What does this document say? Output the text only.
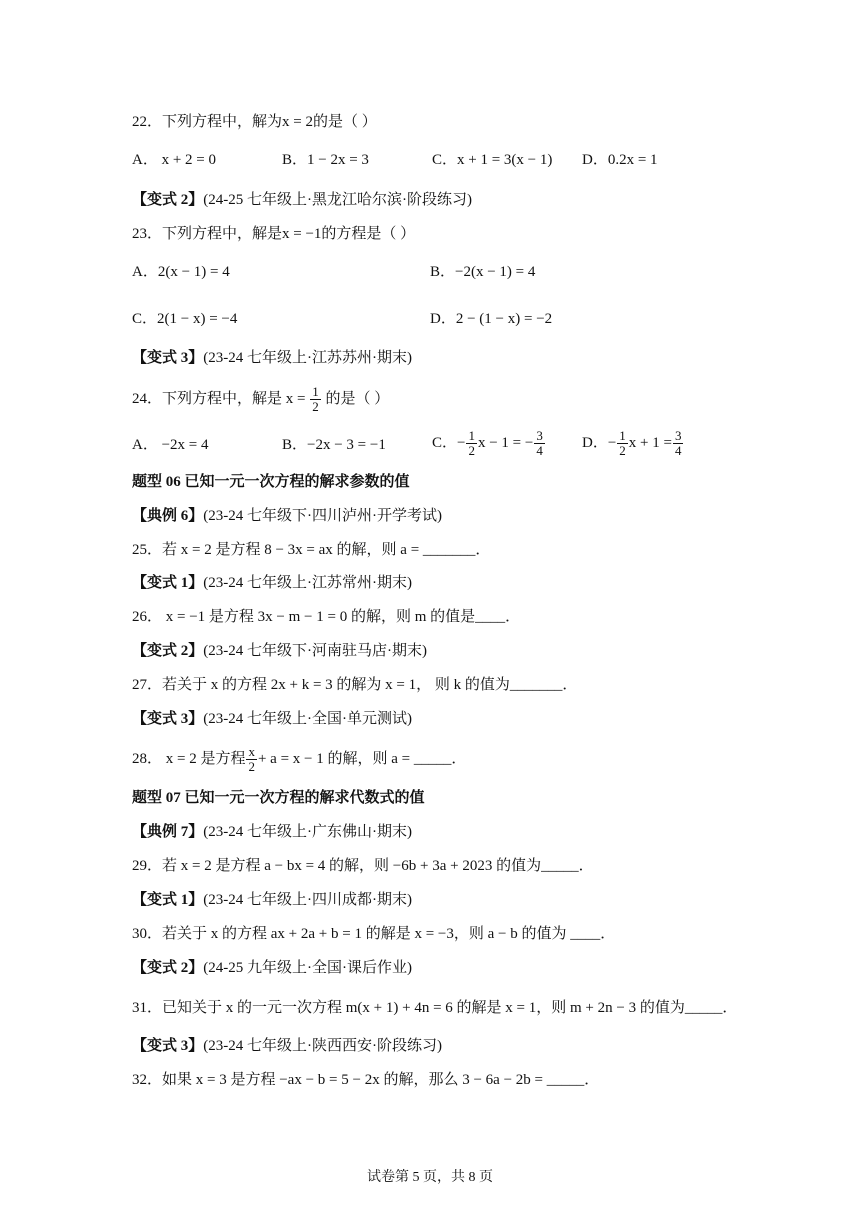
22．下列方程中，解为x = 2的是（ ）
A． x + 2 = 0	B．1 − 2x = 3	C．x + 1 = 3(x − 1) D．0.2x = 1
【变式 2】(24-25 七年级上·黑龙江哈尔滨·阶段练习)
23．下列方程中，解是x = −1的方程是（ ）
A．2(x − 1) = 4	B．−2(x − 1) = 4
C．2(1 − x) = −4	D．2 − (1 − x) = −2
【变式 3】(23-24 七年级上·江苏苏州·期末)
24．下列方程中，解是 $x = \frac{1}{2}$ 的是（ ）
A． −2x = 4	B．−2x − 3 = −1	C．− $\frac{1}{2}$ x − 1 = − $\frac{3}{4}$ D．− $\frac{1}{2}$ $x + 1 = \frac{3}{4}$
题型 06 已知一元一次方程的解求参数的值
【典例 6】(23-24 七年级下·四川泸州·开学考试)
25．若 x = 2 是方程 8 − 3x = ax 的解，则 a = _______．
【变式 1】(23-24 七年级上·江苏常州·期末)
26． x = −1 是方程 3x − m − 1 = 0 的解，则 m 的值是____．
【变式 2】(23-24 七年级下·河南驻马店·期末)
27．若关于 x 的方程 2x + k = 3 的解为 x = 1， 则 k 的值为_______．
【变式 3】(23-24 七年级上·全国·单元测试)
28． x = 2 是方程 $\frac{x}{2} + a = x - 1$ 的解，则 a = _____．
题型 07 已知一元一次方程的解求代数式的值
【典例 7】(23-24 七年级上·广东佛山·期末)
29．若 x = 2 是方程 a − bx = 4 的解，则 −6b + 3a + 2023 的值为_____．
【变式 1】(23-24 七年级上·四川成都·期末)
30．若关于 x 的方程 ax + 2a + b = 1 的解是 x = −3，则 a − b 的值为 ____．
【变式 2】(24-25 九年级上·全国·课后作业)
31．已知关于 x 的一元一次方程 m(x + 1) + 4n = 6 的解是 x = 1，则 m + 2n − 3 的值为_____．
【变式 3】(23-24 七年级上·陕西西安·阶段练习)
32．如果 x = 3 是方程 −ax − b = 5 − 2x 的解，那么 3 − 6a − 2b = _____．
试卷第 5 页，共 8 页
